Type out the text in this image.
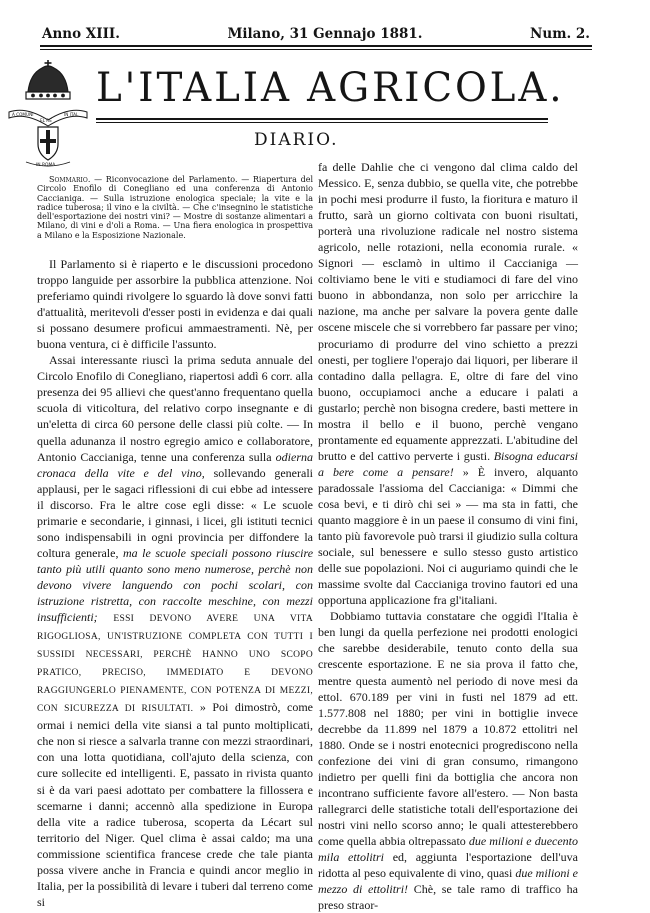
Anno XIII.	Milano, 31 Gennajo 1881.	Num. 2.
A COMUNI EL RE IN ITAL
IN ROMA
L'ITALIA AGRICOLA.
DIARIO.
Sommario. — Riconvocazione del Parlamento. — Riapertura del Circolo Enofilo di Conegliano ed una conferenza di Antonio Caccianiga. — Sulla istruzione enologica speciale; la vite e la radice tuberosa; il vino e la civiltà. — Che c'insegnino le statistiche dell'esportazione dei nostri vini? — Mostre di sostanze alimentari a Milano, di vini e d'oli a Roma. — Una fiera enologica in prospettiva a Milano e la Esposizione Nazionale.

Il Parlamento si è riaperto e le discussioni procedono troppo languide per assorbire la pubblica attenzione. Noi preferiamo quindi rivolgere lo sguardo là dove sonvi fatti d'attualità, meritevoli d'esser posti in evidenza e dai quali si possano desumere proficui ammaestramenti. Nè, per buona ventura, ci è difficile l'assunto.

Assai interessante riuscì la prima seduta annuale del Circolo Enofilo di Conegliano, riapertosi addì 6 corr. alla presenza dei 95 allievi che quest'anno frequentano quella scuola di viticoltura, del relativo corpo insegnante e di un'eletta di circa 60 persone delle classi più colte. — In quella adunanza il nostro egregio amico e collaboratore, Antonio Caccianiga, tenne una conferenza sulla odierna cronaca della vite e del vino, sollevando generali applausi, per le sagaci riflessioni di cui ebbe ad intessere il discorso. Fra le altre cose egli disse: « Le scuole primarie e secondarie, i ginnasi, i licei, gli istituti tecnici sono indispensabili in ogni provincia per diffondere la coltura generale, ma le scuole speciali possono riuscire tanto più utili quanto sono meno numerose, perchè non devono vivere languendo con pochi scolari, con istruzione ristretta, con raccolte meschine, con mezzi insufficienti; ESSI DEVONO AVERE UNA VITA RIGOGLIOSA, UN'ISTRUZIONE COMPLETA CON TUTTI I SUSSIDI NECESSARI, PERCHÈ HANNO UNO SCOPO PRATICO, PRECISO, IMMEDIATO E DEVONO RAGGIUNGERLO PIENAMENTE, CON POTENZA DI MEZZI, CON SICUREZZA DI RISULTATI. » Poi dimostrò, come ormai i nemici della vite siansi a tal punto moltiplicati, che non si riesce a salvarla tranne con mezzi straordinari, con una lotta quotidiana, coll'ajuto della scienza, con cure sollecite ed intelligenti. E, passato in rivista quanto si è da vari paesi adottato per combattere la fillossera e scemarne i danni; accennò alla spedizione in Europa della vite a radice tuberosa, scoperta da Lécart sul territorio del Niger. Quel clima è assai caldo; ma una commissione scientifica francese crede che tale pianta possa vivere anche in Francia e quindi ancor meglio in Italia, per la possibilità di levare i tuberi dal terreno come si

fa delle Dahlie che ci vengono dal clima caldo del Messico. E, senza dubbio, se quella vite, che potrebbe in pochi mesi produrre il fusto, la fioritura e maturo il frutto, sarà un giorno coltivata con buoni risultati, porterà una rivoluzione radicale nel nostro sistema agricolo, nelle rotazioni, nella economia rurale. « Signori — esclamò in ultimo il Caccianiga — coltiviamo bene le viti e studiamoci di fare del vino buono in abbondanza, non solo per arricchire la nazione, ma anche per salvare la povera gente dalle oscene miscele che si vorrebbero far passare per vino; procuriamo di produrre del vino schietto a prezzi onesti, per togliere l'operajo dai liquori, per liberare il contadino dalla pellagra. E, oltre di fare del vino buono, occupiamoci anche a educare i palati a gustarlo; perchè non bisogna credere, basti mettere in mostra il bello e il buono, perchè vengano prontamente ed equamente apprezzati. L'abitudine del brutto e del cattivo perverte i gusti. Bisogna educarsi a bere come a pensare! » È invero, alquanto paradossale l'assioma del Caccianiga: « Dimmi che cosa bevi, e ti dirò chi sei » — ma sta in fatti, che quanto maggiore è in un paese il consumo di vini fini, tanto più favorevole può trarsi il giudizio sulla coltura sociale, sul benessere e sullo stesso gusto artistico delle sue popolazioni. Noi ci auguriamo quindi che le massime svolte dal Caccianiga trovino fautori ed una opportuna applicazione fra gl'italiani.

Dobbiamo tuttavia constatare che oggidì l'Italia è ben lungi da quella perfezione nei prodotti enologici che sarebbe desiderabile, tenuto conto della sua crescente esportazione. E ne sia prova il fatto che, mentre questa aumentò nel periodo di nove mesi da ettol. 670.189 per vini in fusti nel 1879 ad ett. 1.577.808 nel 1880; per vini in bottiglie invece decrebbe da 11.899 nel 1879 a 10.872 ettolitri nel 1880. Onde se i nostri enotecnici progrediscono nella confezione dei vini di gran consumo, rimangono indietro per quelli fini da bottiglia che ancora non incontrano sufficiente favore all'estero. — Non basta rallegrarci delle statistiche totali dell'esportazione dei nostri vini nello scorso anno; le quali attesterebbero come quella abbia oltrepassato due milioni e duecento mila ettolitri ed, aggiunta l'esportazione dell'uva ridotta al peso equivalente di vino, quasi due milioni e mezzo di ettolitri! Chè, se tale ramo di traffico ha preso straor-
